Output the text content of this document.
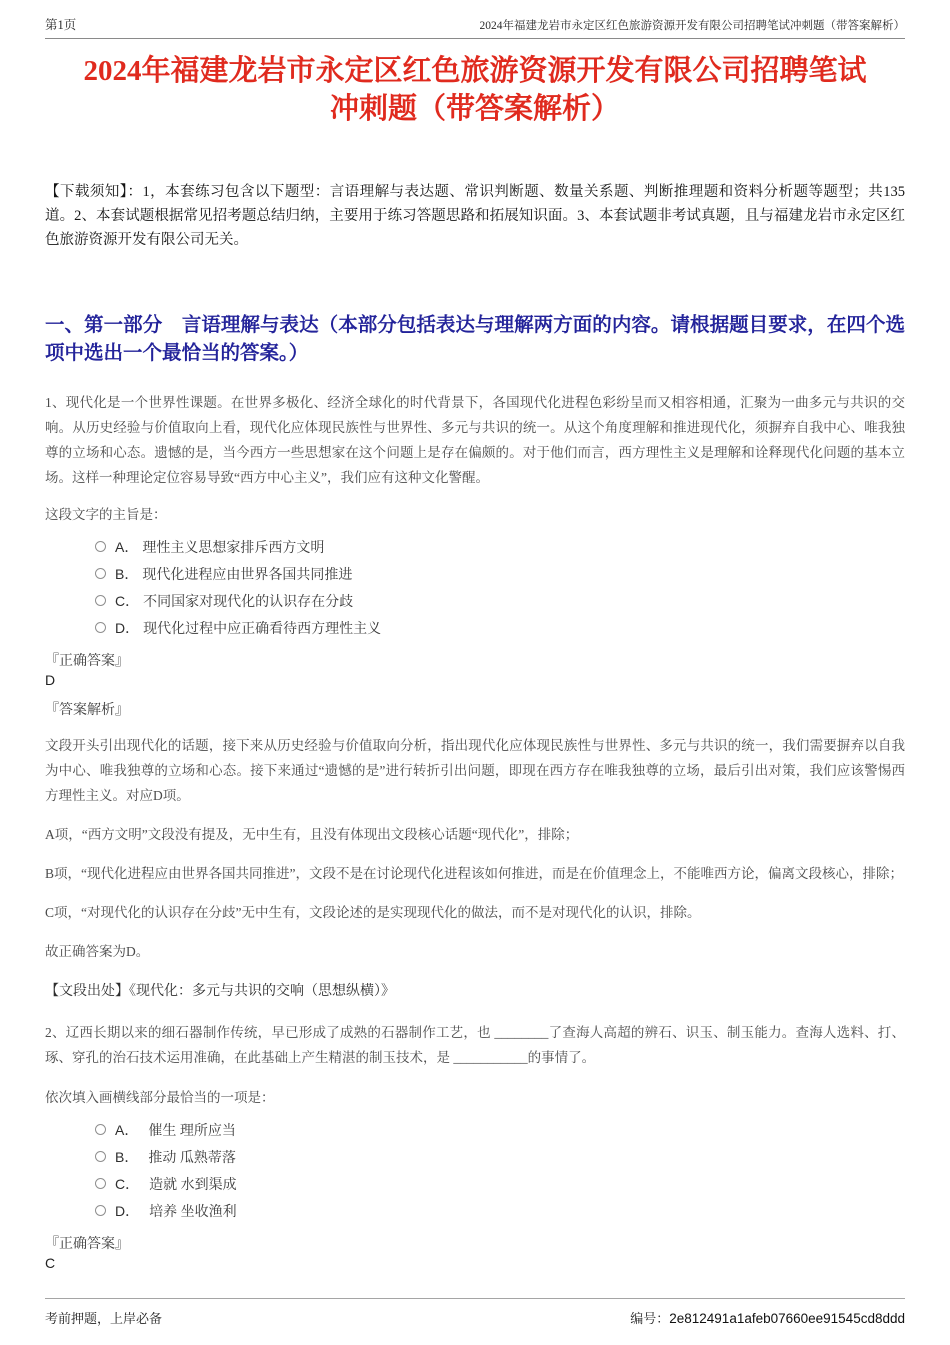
第1页	2024年福建龙岩市永定区红色旅游资源开发有限公司招聘笔试冲刺题（带答案解析）
2024年福建龙岩市永定区红色旅游资源开发有限公司招聘笔试
冲刺题（带答案解析）

【下载须知】：1，本套练习包含以下题型：言语理解与表达题、常识判断题、数量关系题、判断推理题和资料分析题等题型；共135道。2、本套试题根据常见招考题总结归纳，主要用于练习答题思路和拓展知识面。3、本套试题非考试真题，且与福建龙岩市永定区红色旅游资源开发有限公司无关。

一、第一部分　言语理解与表达（本部分包括表达与理解两方面的内容。请根据题目要求，在四个选项中选出一个最恰当的答案。）

1、现代化是一个世界性课题。在世界多极化、经济全球化的时代背景下，各国现代化进程色彩纷呈而又相容相通，汇聚为一曲多元与共识的交响。从历史经验与价值取向上看，现代化应体现民族性与世界性、多元与共识的统一。从这个角度理解和推进现代化，须摒弃自我中心、唯我独尊的立场和心态。遗憾的是，当今西方一些思想家在这个问题上是存在偏颇的。对于他们而言，西方理性主义是理解和诠释现代化问题的基本立场。这样一种理论定位容易导致“西方中心主义”，我们应有这种文化警醒。

这段文字的主旨是：

A． 理性主义思想家排斥西方文明
B． 现代化进程应由世界各国共同推进
C． 不同国家对现代化的认识存在分歧
D． 现代化过程中应正确看待西方理性主义

『正确答案』

D

『答案解析』

文段开头引出现代化的话题，接下来从历史经验与价值取向分析，指出现代化应体现民族性与世界性、多元与共识的统一，我们需要摒弃以自我为中心、唯我独尊的立场和心态。接下来通过“遗憾的是”进行转折引出问题，即现在西方存在唯我独尊的立场，最后引出对策，我们应该警惕西方理性主义。对应D项。

A项，“西方文明”文段没有提及，无中生有，且没有体现出文段核心话题“现代化”，排除；

B项，“现代化进程应由世界各国共同推进”，文段不是在讨论现代化进程该如何推进，而是在价值理念上，不能唯西方论，偏离文段核心，排除；

C项，“对现代化的认识存在分歧”无中生有，文段论述的是实现现代化的做法，而不是对现代化的认识，排除。

故正确答案为D。

【文段出处】《现代化：多元与共识的交响（思想纵横）》

2、辽西长期以来的细石器制作传统，早已形成了成熟的石器制作工艺，也 ________了查海人高超的辨石、识玉、制玉能力。查海人选料、打、琢、穿孔的治石技术运用准确，在此基础上产生精湛的制玉技术，是 ___________的事情了。

依次填入画横线部分最恰当的一项是：

A． 催生 理所应当
B． 推动 瓜熟蒂落
C． 造就 水到渠成
D． 培养 坐收渔利

『正确答案』

C

考前押题，上岸必备	编号：2e812491a1afeb07660ee91545cd8ddd
